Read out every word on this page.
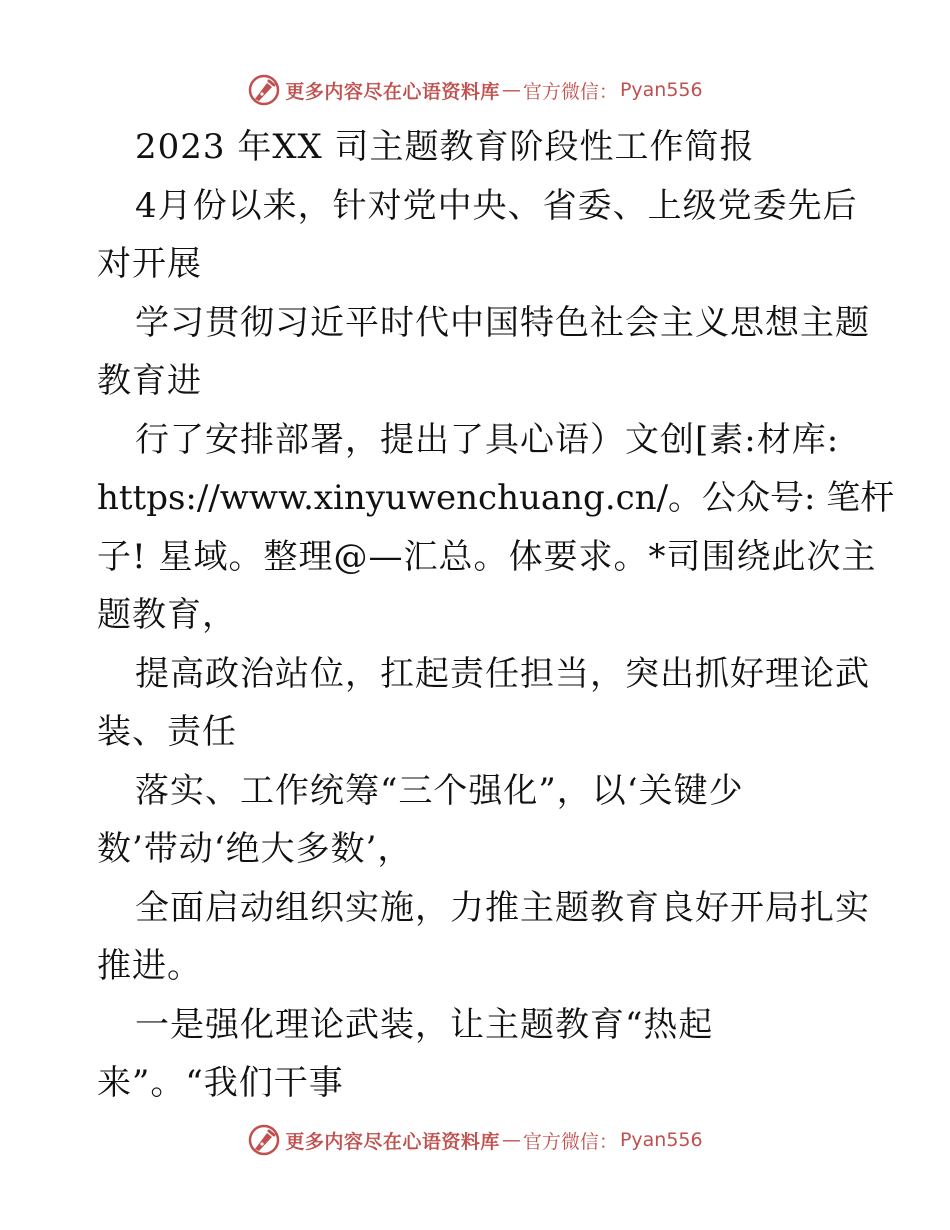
更多内容尽在心语资料库 — 官方微信： Pyan556
2023 年XX 司主题教育阶段性工作简报
4月份以来，针对党中央、省委、上级党委先后
对开展
学习贯彻习近平时代中国特色社会主义思想主题
教育进
行了安排部署，提出了具心语）文创[素:材库:
https://www.xinyuwenchuang.cn/。公众号: 笔杆
子! 星域。整理@—汇总。体要求。*司围绕此次主
题教育，
提高政治站位，扛起责任担当，突出抓好理论武
装、责任
落实、工作统筹“三个强化”，以‘关键少
数’带动‘绝大多数’，
全面启动组织实施，力推主题教育良好开局扎实
推进。
一是强化理论武装，让主题教育“热起
来”。“我们干事
更多内容尽在心语资料库 — 官方微信： Pyan556
